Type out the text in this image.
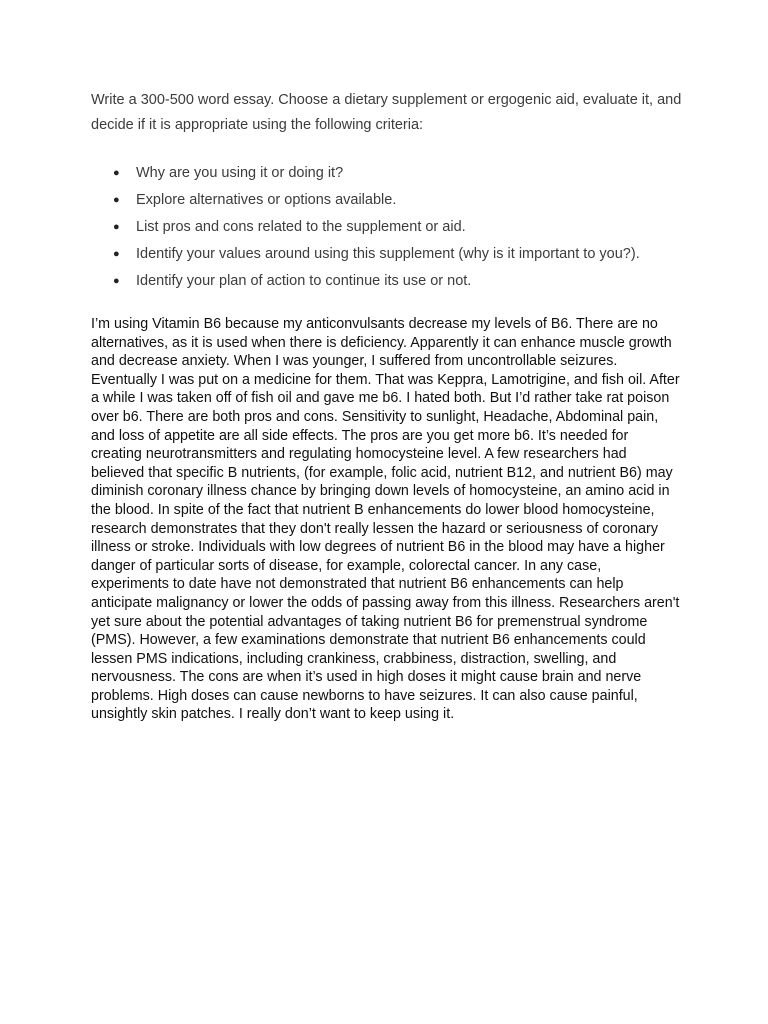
Write a 300-500 word essay. Choose a dietary supplement or ergogenic aid, evaluate it, and decide if it is appropriate using the following criteria:

● Why are you using it or doing it?
● Explore alternatives or options available.
● List pros and cons related to the supplement or aid.
● Identify your values around using this supplement (why is it important to you?).
● Identify your plan of action to continue its use or not.

I’m using Vitamin B6 because my anticonvulsants decrease my levels of B6. There are no alternatives, as it is used when there is deficiency. Apparently it can enhance muscle growth and decrease anxiety. When I was younger, I suffered from uncontrollable seizures. Eventually I was put on a medicine for them. That was Keppra, Lamotrigine, and fish oil. After a while I was taken off of fish oil and gave me b6. I hated both. But I’d rather take rat poison over b6. There are both pros and cons. Sensitivity to sunlight, Headache, Abdominal pain, and loss of appetite are all side effects. The pros are you get more b6. It’s needed for creating neurotransmitters and regulating homocysteine level. A few researchers had believed that specific B nutrients, (for example, folic acid, nutrient B12, and nutrient B6) may diminish coronary illness chance by bringing down levels of homocysteine, an amino acid in the blood. In spite of the fact that nutrient B enhancements do lower blood homocysteine, research demonstrates that they don't really lessen the hazard or seriousness of coronary illness or stroke. Individuals with low degrees of nutrient B6 in the blood may have a higher danger of particular sorts of disease, for example, colorectal cancer. In any case, experiments to date have not demonstrated that nutrient B6 enhancements can help anticipate malignancy or lower the odds of passing away from this illness. Researchers aren't yet sure about the potential advantages of taking nutrient B6 for premenstrual syndrome (PMS). However, a few examinations demonstrate that nutrient B6 enhancements could lessen PMS indications, including crankiness, crabbiness, distraction, swelling, and nervousness. The cons are when it’s used in high doses it might cause brain and nerve problems. High doses can cause newborns to have seizures. It can also cause painful, unsightly skin patches. I really don’t want to keep using it.
